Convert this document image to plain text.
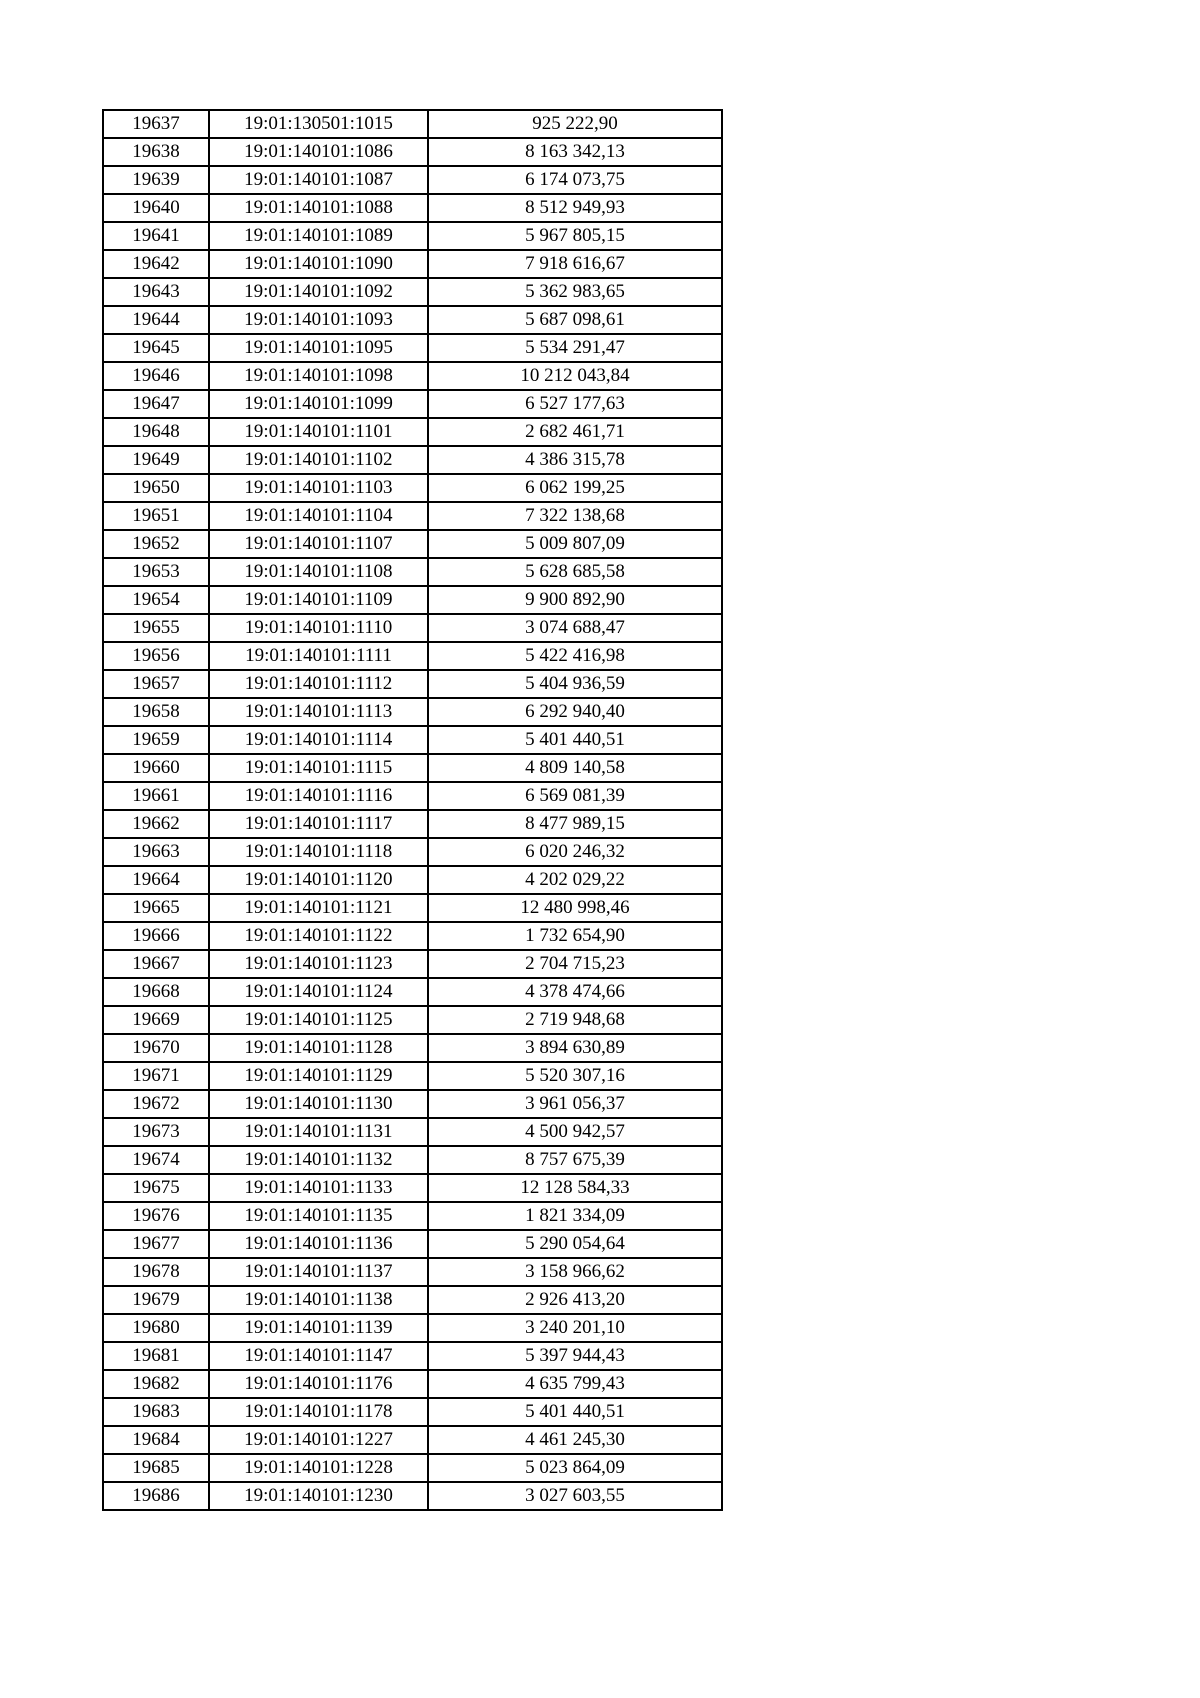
19637	19:01:130501:1015	925 222,90
19638	19:01:140101:1086	8 163 342,13
19639	19:01:140101:1087	6 174 073,75
19640	19:01:140101:1088	8 512 949,93
19641	19:01:140101:1089	5 967 805,15
19642	19:01:140101:1090	7 918 616,67
19643	19:01:140101:1092	5 362 983,65
19644	19:01:140101:1093	5 687 098,61
19645	19:01:140101:1095	5 534 291,47
19646	19:01:140101:1098	10 212 043,84
19647	19:01:140101:1099	6 527 177,63
19648	19:01:140101:1101	2 682 461,71
19649	19:01:140101:1102	4 386 315,78
19650	19:01:140101:1103	6 062 199,25
19651	19:01:140101:1104	7 322 138,68
19652	19:01:140101:1107	5 009 807,09
19653	19:01:140101:1108	5 628 685,58
19654	19:01:140101:1109	9 900 892,90
19655	19:01:140101:1110	3 074 688,47
19656	19:01:140101:1111	5 422 416,98
19657	19:01:140101:1112	5 404 936,59
19658	19:01:140101:1113	6 292 940,40
19659	19:01:140101:1114	5 401 440,51
19660	19:01:140101:1115	4 809 140,58
19661	19:01:140101:1116	6 569 081,39
19662	19:01:140101:1117	8 477 989,15
19663	19:01:140101:1118	6 020 246,32
19664	19:01:140101:1120	4 202 029,22
19665	19:01:140101:1121	12 480 998,46
19666	19:01:140101:1122	1 732 654,90
19667	19:01:140101:1123	2 704 715,23
19668	19:01:140101:1124	4 378 474,66
19669	19:01:140101:1125	2 719 948,68
19670	19:01:140101:1128	3 894 630,89
19671	19:01:140101:1129	5 520 307,16
19672	19:01:140101:1130	3 961 056,37
19673	19:01:140101:1131	4 500 942,57
19674	19:01:140101:1132	8 757 675,39
19675	19:01:140101:1133	12 128 584,33
19676	19:01:140101:1135	1 821 334,09
19677	19:01:140101:1136	5 290 054,64
19678	19:01:140101:1137	3 158 966,62
19679	19:01:140101:1138	2 926 413,20
19680	19:01:140101:1139	3 240 201,10
19681	19:01:140101:1147	5 397 944,43
19682	19:01:140101:1176	4 635 799,43
19683	19:01:140101:1178	5 401 440,51
19684	19:01:140101:1227	4 461 245,30
19685	19:01:140101:1228	5 023 864,09
19686	19:01:140101:1230	3 027 603,55
